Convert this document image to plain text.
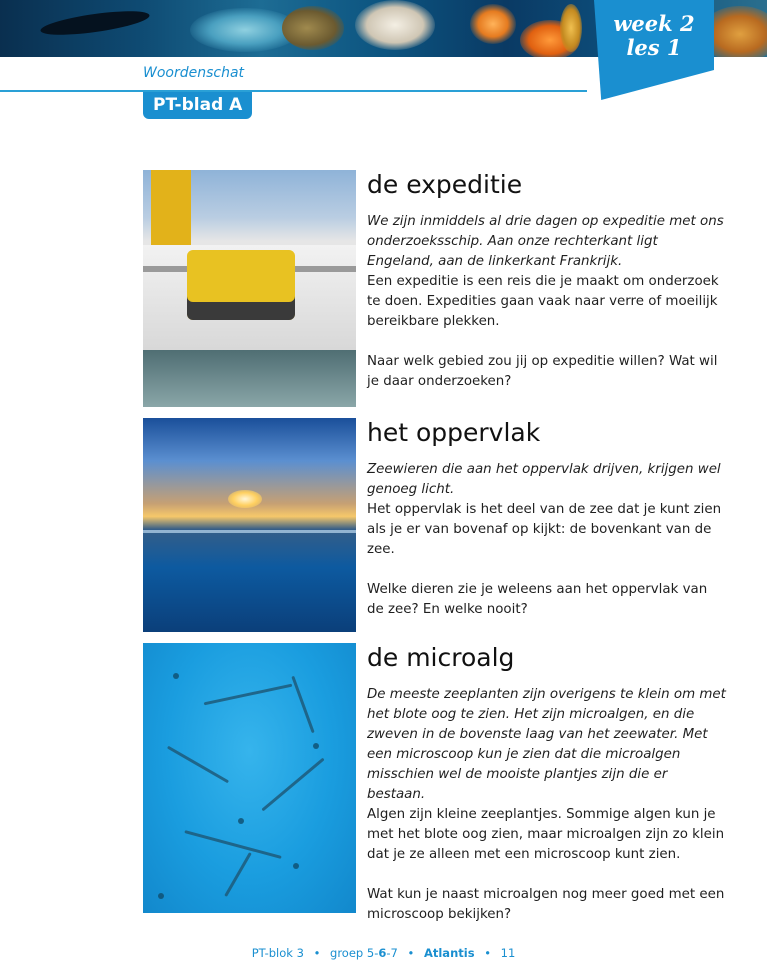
week 2
les 1
Woordenschat
PT-blad A
de expeditie

We zijn inmiddels al drie dagen op expeditie met ons onderzoeksschip. Aan onze rechterkant ligt Engeland, aan de linkerkant Frankrijk.

Een expeditie is een reis die je maakt om onderzoek te doen. Expedities gaan vaak naar verre of moeilijk bereikbare plekken.

Naar welk gebied zou jij op expeditie willen? Wat wil je daar onderzoeken?

het oppervlak

Zeewieren die aan het oppervlak drijven, krijgen wel genoeg licht.

Het oppervlak is het deel van de zee dat je kunt zien als je er van bovenaf op kijkt: de bovenkant van de zee.

Welke dieren zie je weleens aan het oppervlak van de zee? En welke nooit?

de microalg

De meeste zeeplanten zijn overigens te klein om met het blote oog te zien. Het zijn microalgen, en die zweven in de bovenste laag van het zeewater. Met een microscoop kun je zien dat die microalgen misschien wel de mooiste plantjes zijn die er bestaan.

Algen zijn kleine zeeplantjes. Sommige algen kun je met het blote oog zien, maar microalgen zijn zo klein dat je ze alleen met een microscoop kunt zien.

Wat kun je naast microalgen nog meer goed met een microscoop bekijken?

PT-blok 3 • groep 5-6-7 • Atlantis • 11
